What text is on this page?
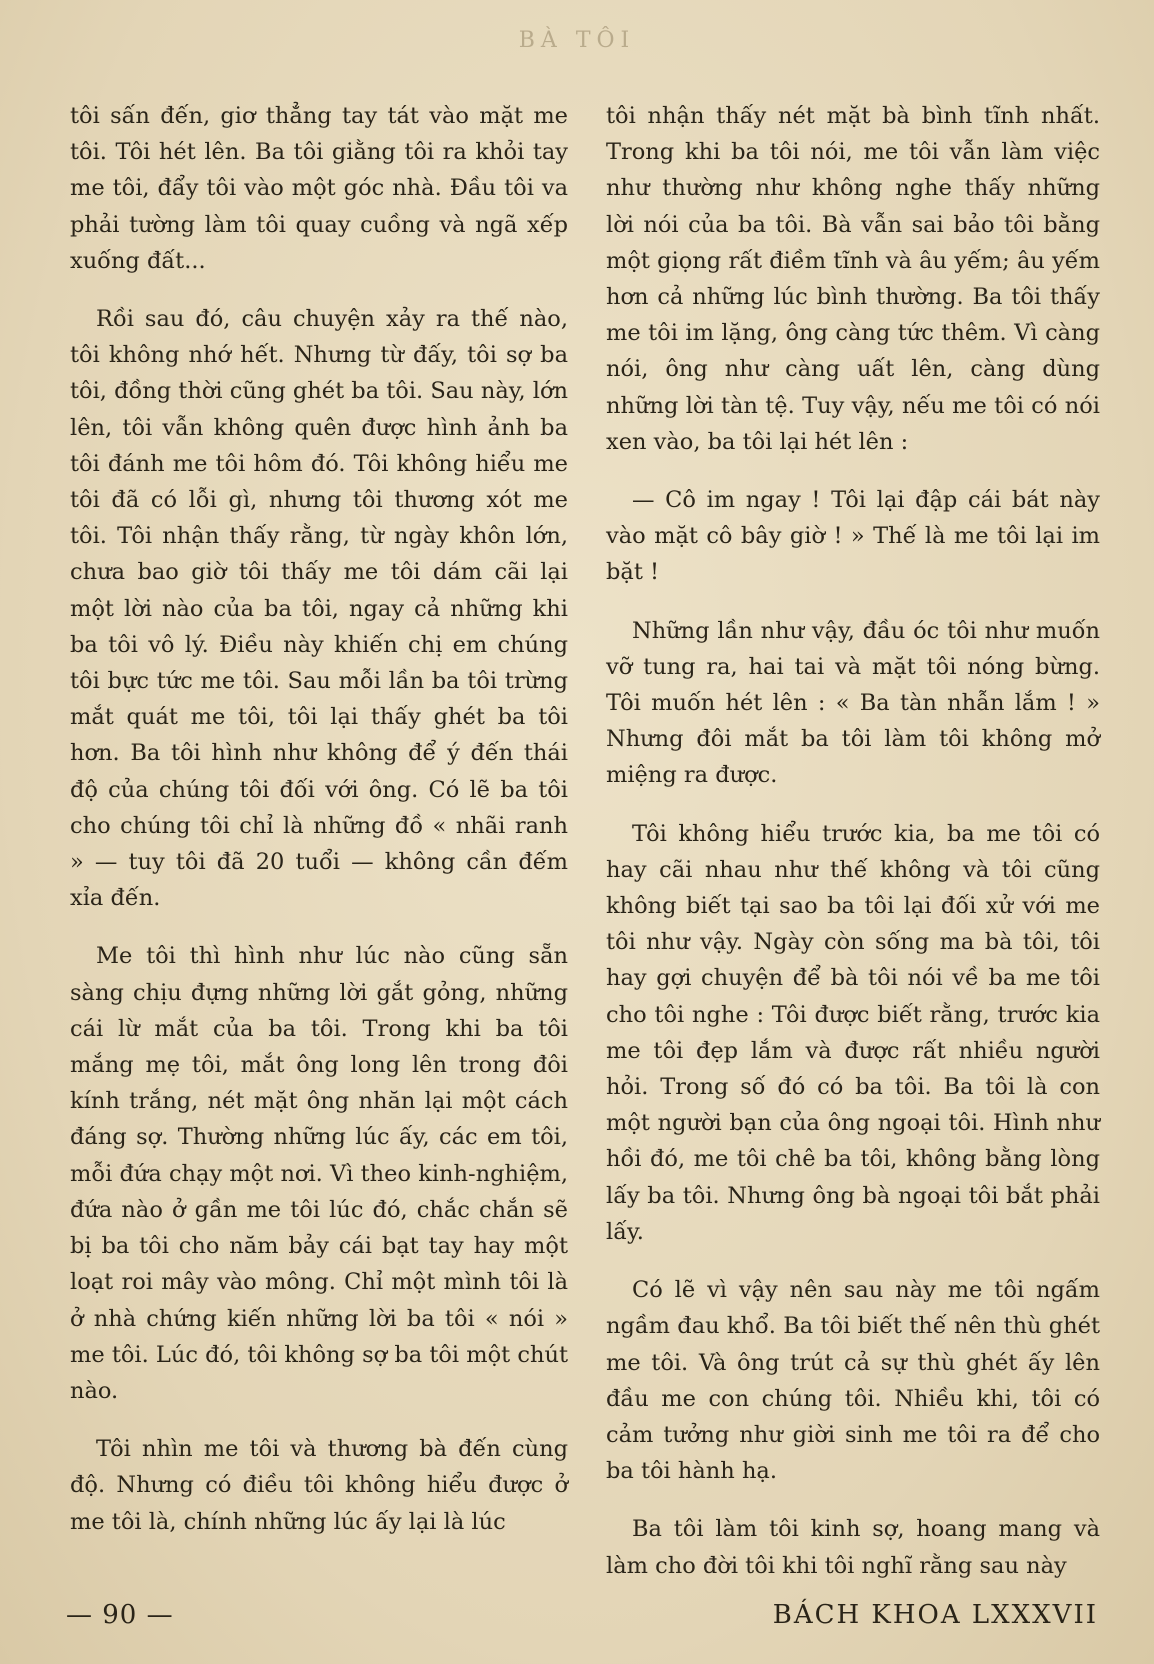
BÀ TÔI

tôi sấn đến, giơ thẳng tay tát vào mặt me tôi. Tôi hét lên. Ba tôi giằng tôi ra khỏi tay me tôi, đẩy tôi vào một góc nhà. Đầu tôi va phải tường làm tôi quay cuồng và ngã xếp xuống đất...

Rồi sau đó, câu chuyện xảy ra thế nào, tôi không nhớ hết. Nhưng từ đấy, tôi sợ ba tôi, đồng thời cũng ghét ba tôi. Sau này, lớn lên, tôi vẫn không quên được hình ảnh ba tôi đánh me tôi hôm đó. Tôi không hiểu me tôi đã có lỗi gì, nhưng tôi thương xót me tôi. Tôi nhận thấy rằng, từ ngày khôn lớn, chưa bao giờ tôi thấy me tôi dám cãi lại một lời nào của ba tôi, ngay cả những khi ba tôi vô lý. Điều này khiến chị em chúng tôi bực tức me tôi. Sau mỗi lần ba tôi trừng mắt quát me tôi, tôi lại thấy ghét ba tôi hơn. Ba tôi hình như không để ý đến thái độ của chúng tôi đối với ông. Có lẽ ba tôi cho chúng tôi chỉ là những đồ « nhãi ranh » — tuy tôi đã 20 tuổi — không cần đếm xỉa đến.

Me tôi thì hình như lúc nào cũng sẵn sàng chịu đựng những lời gắt gỏng, những cái lừ mắt của ba tôi. Trong khi ba tôi mắng mẹ tôi, mắt ông long lên trong đôi kính trắng, nét mặt ông nhăn lại một cách đáng sợ. Thường những lúc ấy, các em tôi, mỗi đứa chạy một nơi. Vì theo kinh-nghiệm, đứa nào ở gần me tôi lúc đó, chắc chắn sẽ bị ba tôi cho năm bảy cái bạt tay hay một loạt roi mây vào mông. Chỉ một mình tôi là ở nhà chứng kiến những lời ba tôi « nói » me tôi. Lúc đó, tôi không sợ ba tôi một chút nào.

Tôi nhìn me tôi và thương bà đến cùng độ. Nhưng có điều tôi không hiểu được ở me tôi là, chính những lúc ấy lại là lúc

tôi nhận thấy nét mặt bà bình tĩnh nhất. Trong khi ba tôi nói, me tôi vẫn làm việc như thường như không nghe thấy những lời nói của ba tôi. Bà vẫn sai bảo tôi bằng một giọng rất điềm tĩnh và âu yếm; âu yếm hơn cả những lúc bình thường. Ba tôi thấy me tôi im lặng, ông càng tức thêm. Vì càng nói, ông như càng uất lên, càng dùng những lời tàn tệ. Tuy vậy, nếu me tôi có nói xen vào, ba tôi lại hét lên :

— Cô im ngay ! Tôi lại đập cái bát này vào mặt cô bây giờ ! » Thế là me tôi lại im bặt !

Những lần như vậy, đầu óc tôi như muốn vỡ tung ra, hai tai và mặt tôi nóng bừng. Tôi muốn hét lên : « Ba tàn nhẫn lắm ! » Nhưng đôi mắt ba tôi làm tôi không mở miệng ra được.

Tôi không hiểu trước kia, ba me tôi có hay cãi nhau như thế không và tôi cũng không biết tại sao ba tôi lại đối xử với me tôi như vậy. Ngày còn sống ma bà tôi, tôi hay gợi chuyện để bà tôi nói về ba me tôi cho tôi nghe : Tôi được biết rằng, trước kia me tôi đẹp lắm và được rất nhiều người hỏi. Trong số đó có ba tôi. Ba tôi là con một người bạn của ông ngoại tôi. Hình như hồi đó, me tôi chê ba tôi, không bằng lòng lấy ba tôi. Nhưng ông bà ngoại tôi bắt phải lấy.

Có lẽ vì vậy nên sau này me tôi ngấm ngầm đau khổ. Ba tôi biết thế nên thù ghét me tôi. Và ông trút cả sự thù ghét ấy lên đầu me con chúng tôi. Nhiều khi, tôi có cảm tưởng như giời sinh me tôi ra để cho ba tôi hành hạ.

Ba tôi làm tôi kinh sợ, hoang mang và làm cho đời tôi khi tôi nghĩ rằng sau này

— 90 —	BÁCH KHOA LXXXVII
